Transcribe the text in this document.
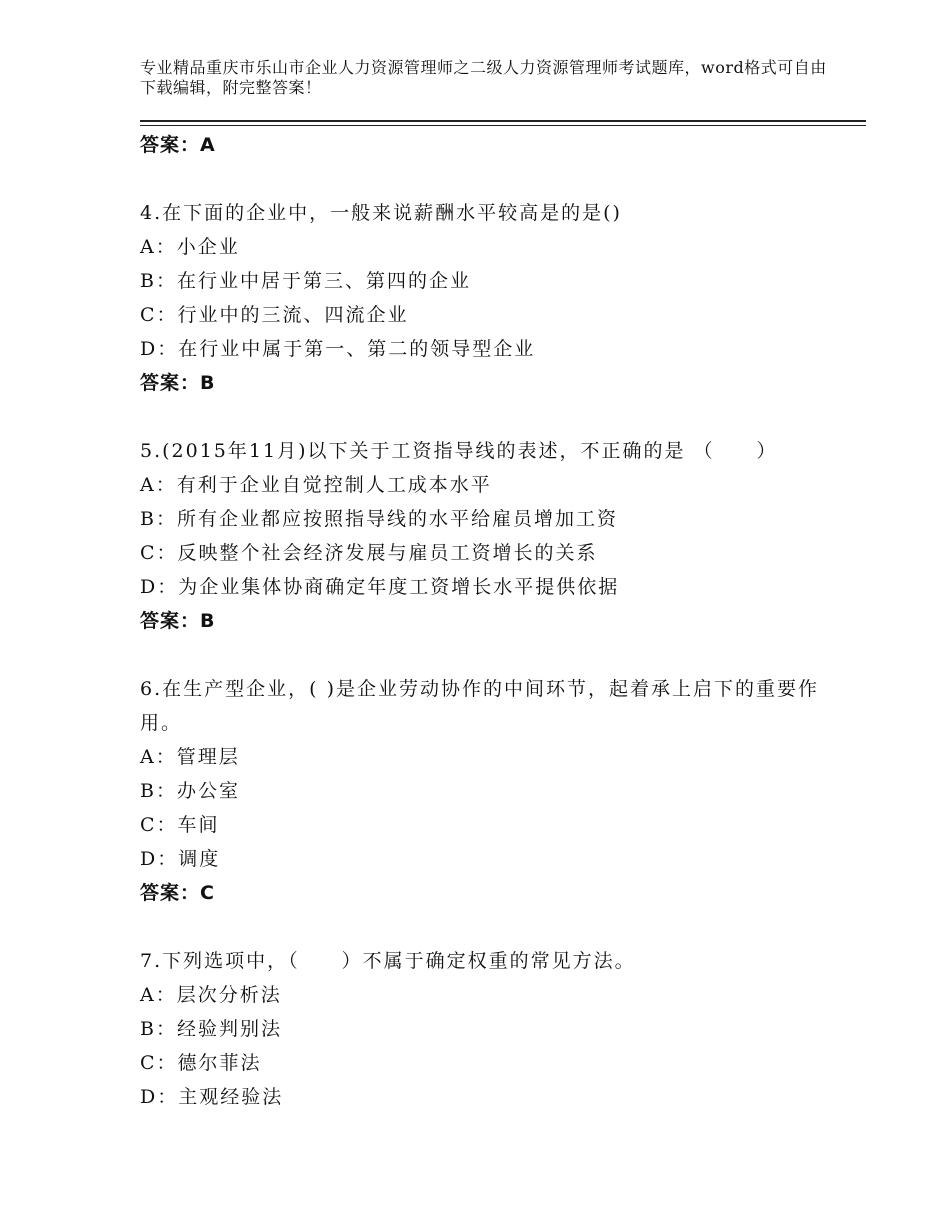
专业精品重庆市乐山市企业人力资源管理师之二级人力资源管理师考试题库，word格式可自由下载编辑，附完整答案！
答案：A
4.在下面的企业中，一般来说薪酬水平较高是的是()
A：小企业
B：在行业中居于第三、第四的企业
C：行业中的三流、四流企业
D：在行业中属于第一、第二的领导型企业
答案：B
5.(2015年11月)以下关于工资指导线的表述，不正确的是 （　　）
A：有利于企业自觉控制人工成本水平
B：所有企业都应按照指导线的水平给雇员增加工资
C：反映整个社会经济发展与雇员工资增长的关系
D：为企业集体协商确定年度工资增长水平提供依据
答案：B
6.在生产型企业，( )是企业劳动协作的中间环节，起着承上启下的重要作用。
A：管理层
B：办公室
C：车间
D：调度
答案：C
7.下列选项中，（　　）不属于确定权重的常见方法。
A：层次分析法
B：经验判别法
C：德尔菲法
D：主观经验法
